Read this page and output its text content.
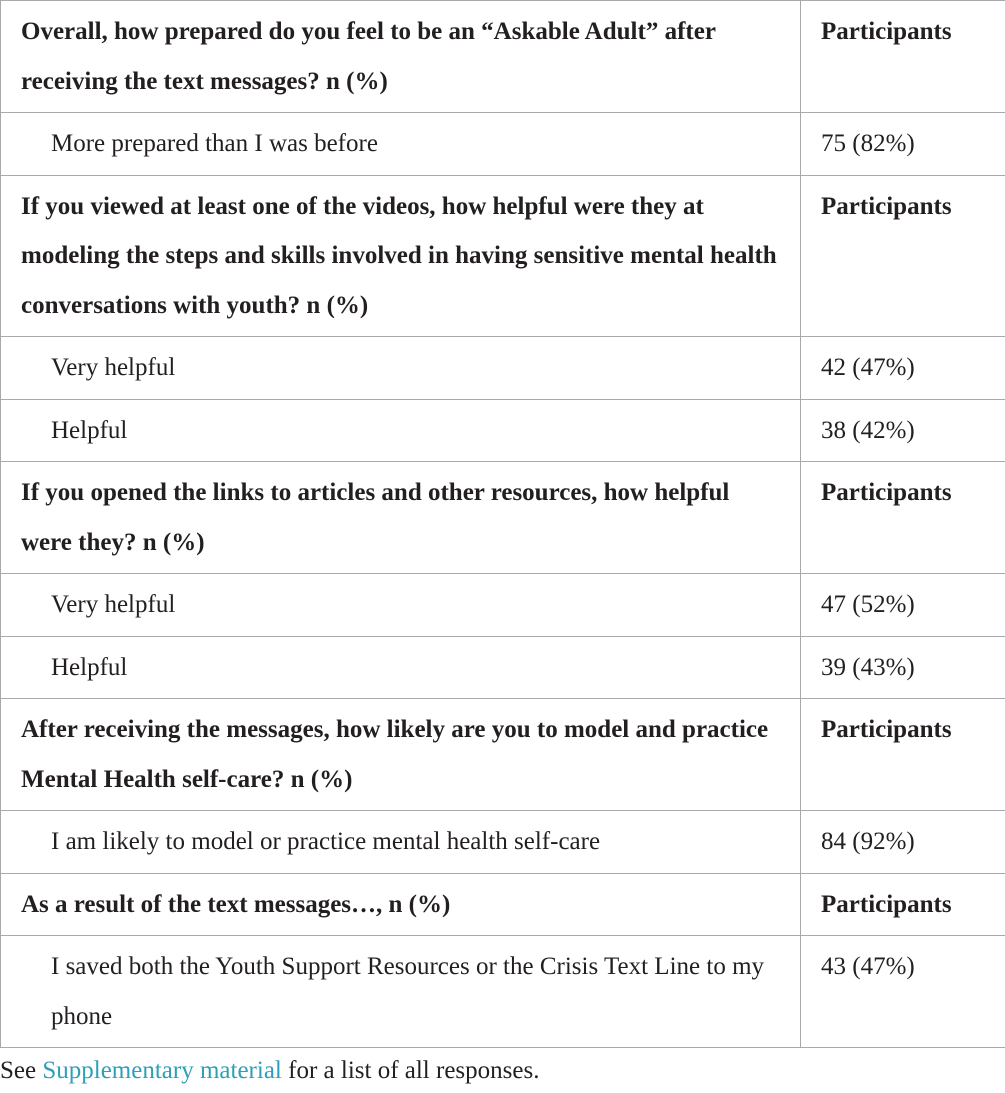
Overall, how prepared do you feel to be an “Askable Adult” after receiving the text messages? n (%)	Participants
More prepared than I was before	75 (82%)
If you viewed at least one of the videos, how helpful were they at modeling the steps and skills involved in having sensitive mental health conversations with youth? n (%)	Participants
Very helpful	42 (47%)
Helpful	38 (42%)
If you opened the links to articles and other resources, how helpful were they? n (%)	Participants
Very helpful	47 (52%)
Helpful	39 (43%)
After receiving the messages, how likely are you to model and practice Mental Health self-care? n (%)	Participants
I am likely to model or practice mental health self-care	84 (92%)
As a result of the text messages…, n (%)	Participants
I saved both the Youth Support Resources or the Crisis Text Line to my phone	43 (47%)
See Supplementary material for a list of all responses.
